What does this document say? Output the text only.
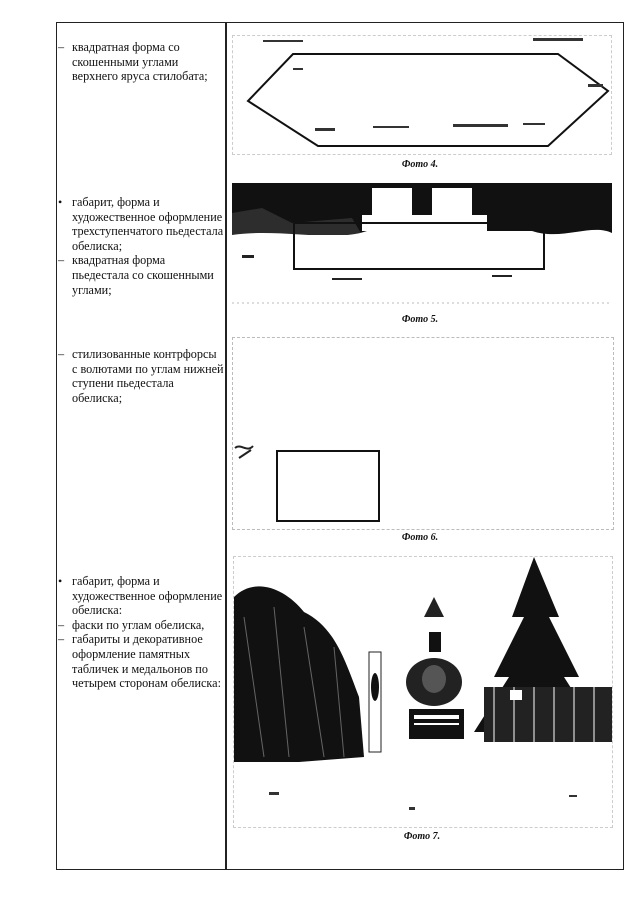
– квадратная форма со скошенными углами верхнего яруса стилобата;

• габарит, форма и художественное оформление трехступенчатого пьедестала обелиска;

– квадратная форма пьедестала со скошенными углами;

– стилизованные контрфорсы с волютами по углам нижней ступени пьедестала обелиска;

• габарит, форма и художественное оформление обелиска:

– фаски по углам обелиска,

– габариты и декоративное оформление памятных табличек и медальонов по четырем сторонам обелиска:

Фото 4.
Фото 5.
Фото 6.
Фото 7.
